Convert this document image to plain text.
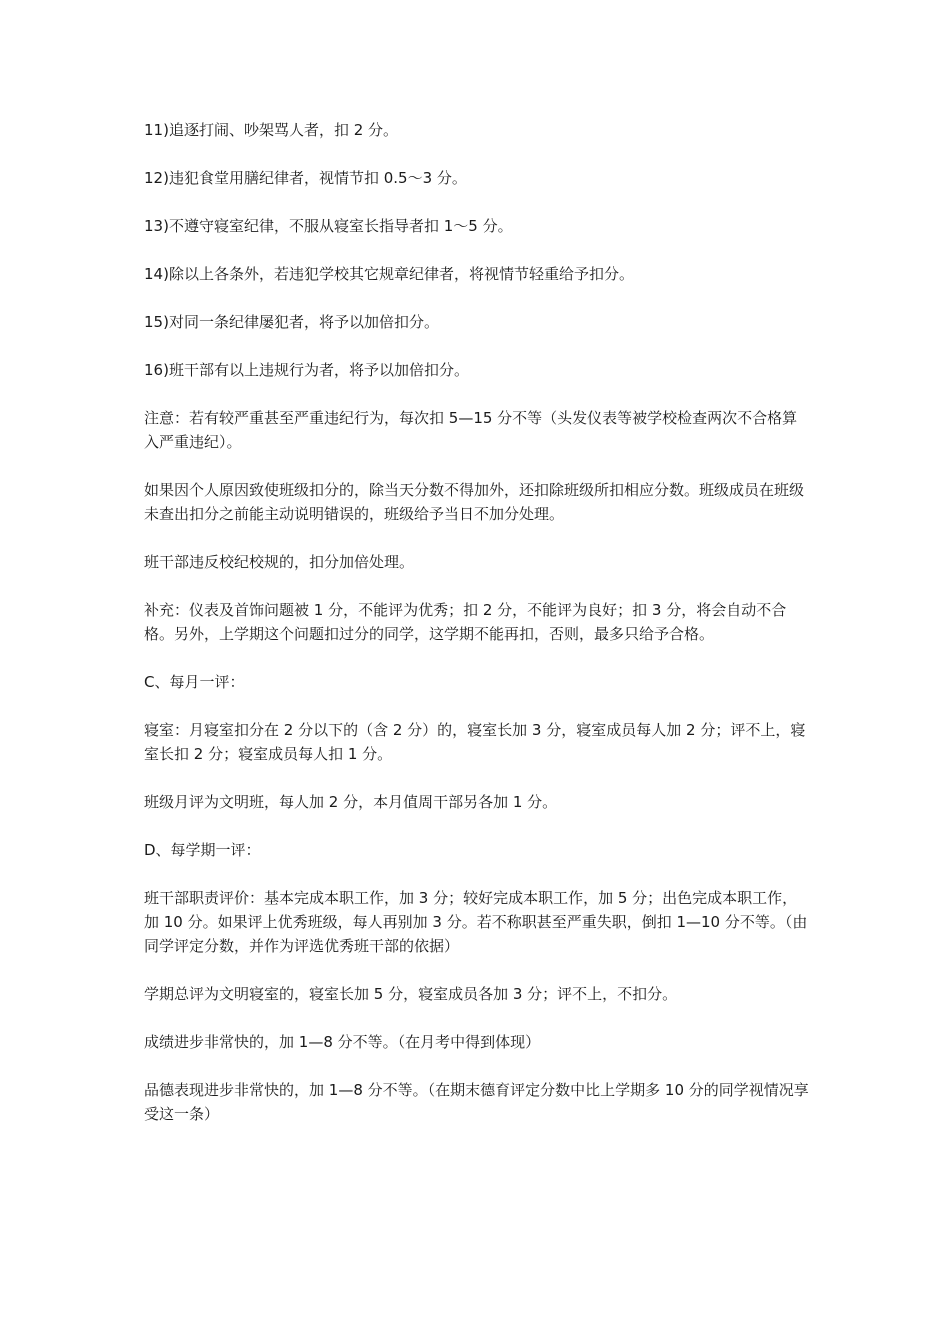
11)追逐打闹、吵架骂人者，扣 2 分。

12)违犯食堂用膳纪律者，视情节扣 0.5～3 分。

13)不遵守寝室纪律，不服从寝室长指导者扣 1～5 分。

14)除以上各条外，若违犯学校其它规章纪律者，将视情节轻重给予扣分。

15)对同一条纪律屡犯者，将予以加倍扣分。

16)班干部有以上违规行为者，将予以加倍扣分。

注意：若有较严重甚至严重违纪行为，每次扣 5—15 分不等（头发仪表等被学校检查两次不合格算入严重违纪）。

如果因个人原因致使班级扣分的，除当天分数不得加外，还扣除班级所扣相应分数。班级成员在班级未查出扣分之前能主动说明错误的，班级给予当日不加分处理。

班干部违反校纪校规的，扣分加倍处理。

补充：仪表及首饰问题被 1 分，不能评为优秀；扣 2 分，不能评为良好；扣 3 分，将会自动不合格。另外，上学期这个问题扣过分的同学，这学期不能再扣，否则，最多只给予合格。

C、每月一评：

寝室：月寝室扣分在 2 分以下的（含 2 分）的，寝室长加 3 分，寝室成员每人加 2 分；评不上，寝室长扣 2 分；寝室成员每人扣 1 分。

班级月评为文明班，每人加 2 分，本月值周干部另各加 1 分。

D、每学期一评：

班干部职责评价：基本完成本职工作，加 3 分；较好完成本职工作，加 5 分；出色完成本职工作，加 10 分。如果评上优秀班级，每人再别加 3 分。若不称职甚至严重失职，倒扣 1—10 分不等。（由同学评定分数，并作为评选优秀班干部的依据）

学期总评为文明寝室的，寝室长加 5 分，寝室成员各加 3 分；评不上，不扣分。

成绩进步非常快的，加 1—8 分不等。（在月考中得到体现）

品德表现进步非常快的，加 1—8 分不等。（在期末德育评定分数中比上学期多 10 分的同学视情况享受这一条）
